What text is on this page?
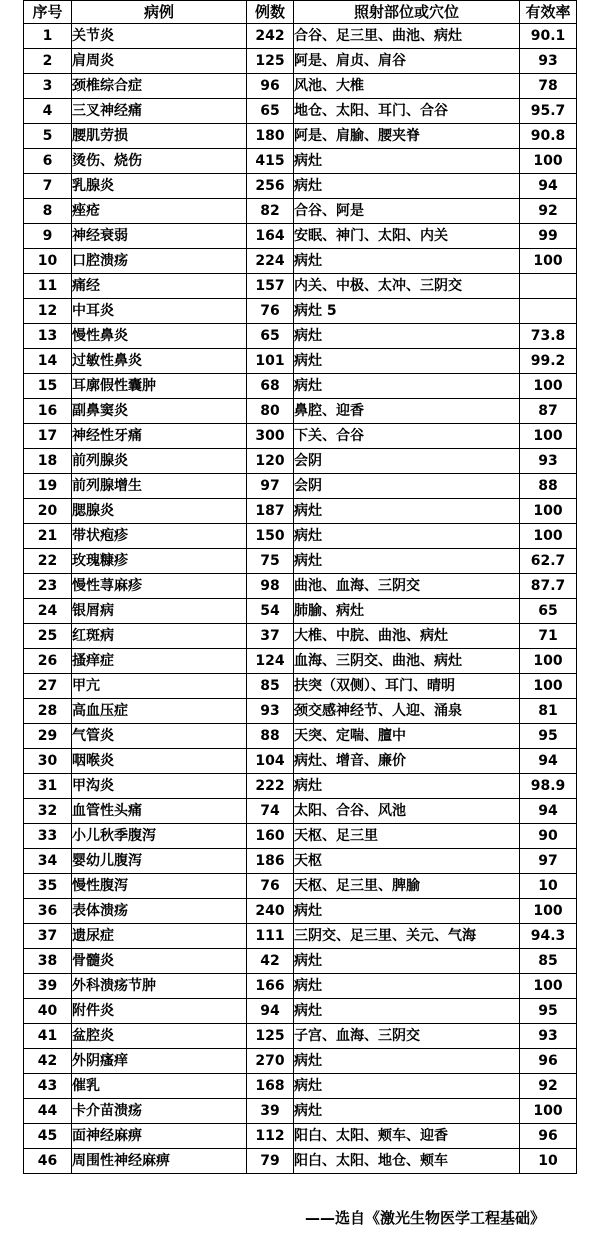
序号	病例	例数	照射部位或穴位	有效率
1	关节炎	242	合谷、足三里、曲池、病灶	90.1
2	肩周炎	125	阿是、肩贞、肩谷	93
3	颈椎综合症	96	风池、大椎	78
4	三叉神经痛	65	地仓、太阳、耳门、合谷	95.7
5	腰肌劳损	180	阿是、肩腧、腰夹脊	90.8
6	烫伤、烧伤	415	病灶	100
7	乳腺炎	256	病灶	94
8	痤疮	82	合谷、阿是	92
9	神经衰弱	164	安眠、神门、太阳、内关	99
10	口腔溃疡	224	病灶	100
11	痛经	157	内关、中极、太冲、三阴交	
12	中耳炎	76	病灶 5	
13	慢性鼻炎	65	病灶	73.8
14	过敏性鼻炎	101	病灶	99.2
15	耳廓假性囊肿	68	病灶	100
16	副鼻窦炎	80	鼻腔、迎香	87
17	神经性牙痛	300	下关、合谷	100
18	前列腺炎	120	会阴	93
19	前列腺增生	97	会阴	88
20	腮腺炎	187	病灶	100
21	带状疱疹	150	病灶	100
22	玫瑰糠疹	75	病灶	62.7
23	慢性荨麻疹	98	曲池、血海、三阴交	87.7
24	银屑病	54	肺腧、病灶	65
25	红斑病	37	大椎、中脘、曲池、病灶	71
26	搔痒症	124	血海、三阴交、曲池、病灶	100
27	甲亢	85	扶突（双侧）、耳门、晴明	100
28	高血压症	93	颈交感神经节、人迎、涌泉	81
29	气管炎	88	天突、定喘、膻中	95
30	咽喉炎	104	病灶、增音、廉价	94
31	甲沟炎	222	病灶	98.9
32	血管性头痛	74	太阳、合谷、风池	94
33	小儿秋季腹泻	160	天枢、足三里	90
34	婴幼儿腹泻	186	天枢	97
35	慢性腹泻	76	天枢、足三里、脾腧	10
36	表体溃疡	240	病灶	100
37	遗尿症	111	三阴交、足三里、关元、气海	94.3
38	骨髓炎	42	病灶	85
39	外科溃疡节肿	166	病灶	100
40	附件炎	94	病灶	95
41	盆腔炎	125	子宫、血海、三阴交	93
42	外阴瘙痒	270	病灶	96
43	催乳	168	病灶	92
44	卡介苗溃疡	39	病灶	100
45	面神经麻痹	112	阳白、太阳、颊车、迎香	96
46	周围性神经麻痹	79	阳白、太阳、地仓、颊车	10
——选自《激光生物医学工程基础》
